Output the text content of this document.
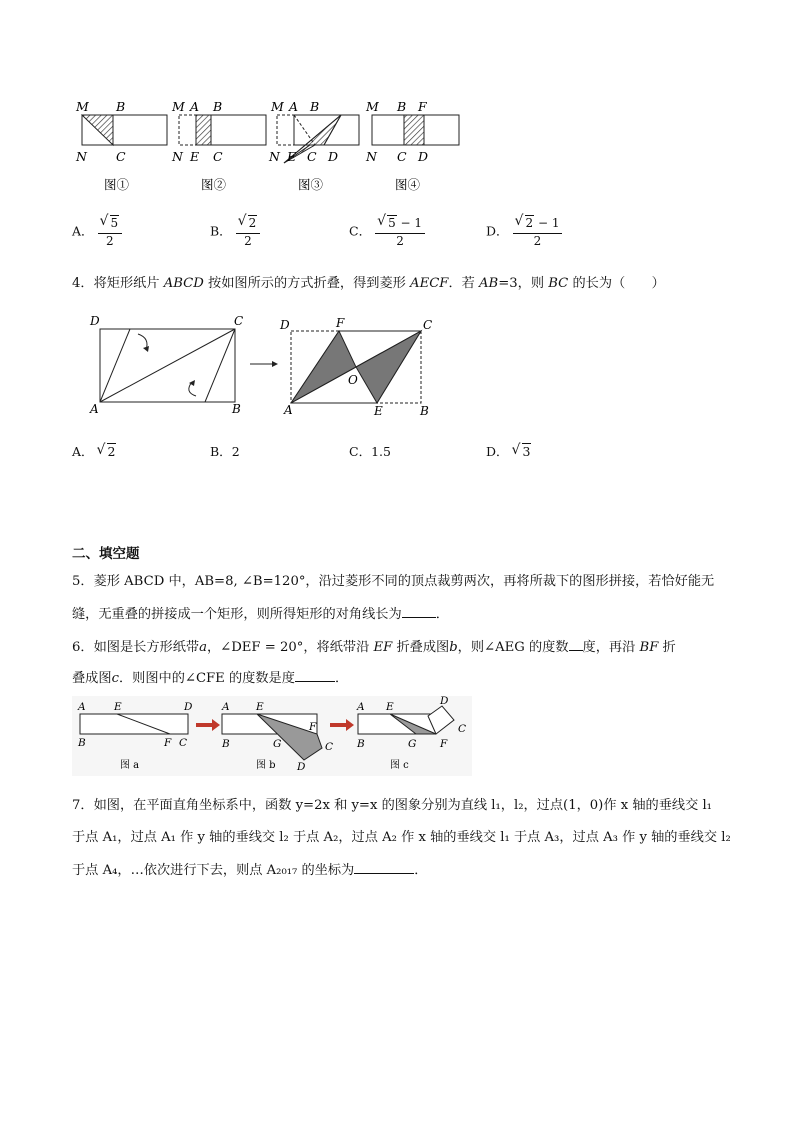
M B
N C
图①
M A B
N E C
图②
M A B
N E C D
图③
M B F
N C D
图④
A． √ $\frac{5}{2}$	B． √ $\frac{2}{2}$	C． √ $\frac{5 - 1}{2}$	D． √ $\frac{2 - 1}{2}$
4．将矩形纸片 ABCD 按如图所示的方式折叠，得到菱形 AECF．若 AB=3，则 BC 的长为（　　）
D	C
A	B
D	F	C
O
A	E	B
A． √ 2	B．2	C．1.5	D． √ 3
二、填空题
5．菱形 ABCD 中，AB=8, ∠B=120°，沿过菱形不同的顶点裁剪两次，再将所裁下的图形拼接，若恰好能无
缝，无重叠的拼接成一个矩形，则所得矩形的对角线长为	．
6．如图是长方形纸带a，∠DEF = 20°，将纸带沿 EF 折叠成图b，则∠AEG 的度数 度，再沿 BF 折
叠成图c．则图中的∠CFE 的度数是度	．
A	E	D
B	F C
图 a
A	E
F
B	G
D
C
图 b
A E	D
C
B	G F
图 c
7．如图，在平面直角坐标系中，函数 y=2x 和 y=x 的图象分别为直线 l₁，l₂，过点(1，0)作 x 轴的垂线交 l₁
于点 A₁，过点 A₁ 作 y 轴的垂线交 l₂ 于点 A₂，过点 A₂ 作 x 轴的垂线交 l₁ 于点 A₃，过点 A₃ 作 y 轴的垂线交 l₂
于点 A₄，…依次进行下去，则点 A₂₀₁₇ 的坐标为	．
